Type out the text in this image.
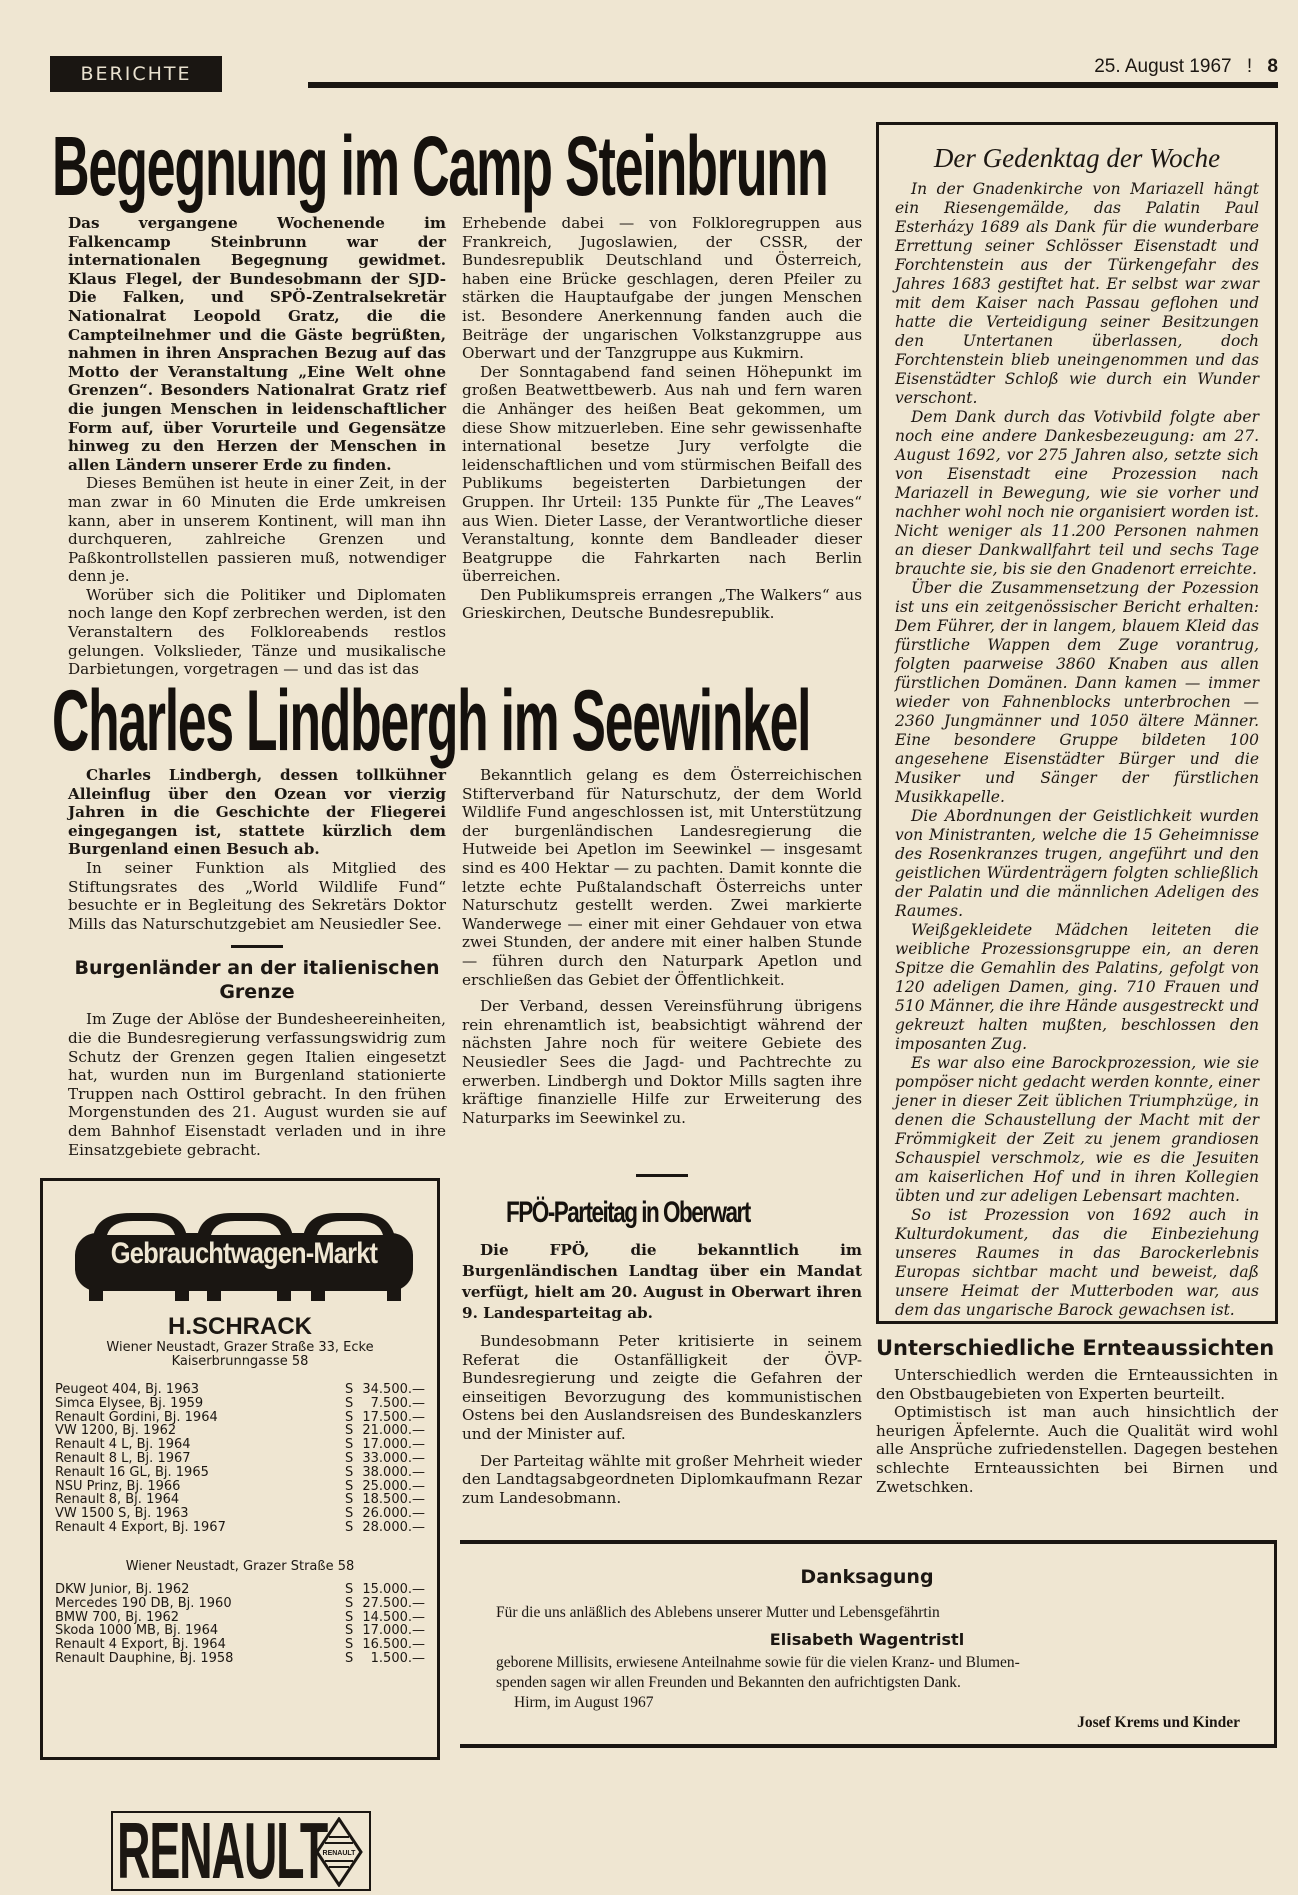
BERICHTE	25. August 1967 ! 8
Begegnung im Camp Steinbrunn

Das vergangene Wochenende im Falkencamp Steinbrunn war der internationalen Begegnung gewidmet. Klaus Flegel, der Bundesobmann der SJD-Die Falken, und SPÖ-Zentralsekretär Nationalrat Leopold Gratz, die die Campteilnehmer und die Gäste begrüßten, nahmen in ihren Ansprachen Bezug auf das Motto der Veranstaltung „Eine Welt ohne Grenzen“. Besonders Nationalrat Gratz rief die jungen Menschen in leidenschaftlicher Form auf, über Vorurteile und Gegensätze hinweg zu den Herzen der Menschen in allen Ländern unserer Erde zu finden.

Dieses Bemühen ist heute in einer Zeit, in der man zwar in 60 Minuten die Erde umkreisen kann, aber in unserem Kontinent, will man ihn durchqueren, zahlreiche Grenzen und Paßkontrollstellen passieren muß, notwendiger denn je.

Worüber sich die Politiker und Diplomaten noch lange den Kopf zerbrechen werden, ist den Veranstaltern des Folkloreabends restlos gelungen. Volkslieder, Tänze und musikalische Darbietungen, vorgetragen — und das ist das

Erhebende dabei — von Folkloregruppen aus Frankreich, Jugoslawien, der CSSR, der Bundesrepublik Deutschland und Österreich, haben eine Brücke geschlagen, deren Pfeiler zu stärken die Hauptaufgabe der jungen Menschen ist. Besondere Anerkennung fanden auch die Beiträge der ungarischen Volkstanzgruppe aus Oberwart und der Tanzgruppe aus Kukmirn.

Der Sonntagabend fand seinen Höhepunkt im großen Beatwettbewerb. Aus nah und fern waren die Anhänger des heißen Beat gekommen, um diese Show mitzuerleben. Eine sehr gewissenhafte international besetze Jury verfolgte die leidenschaftlichen und vom stürmischen Beifall des Publikums begeisterten Darbietungen der Gruppen. Ihr Urteil: 135 Punkte für „The Leaves“ aus Wien. Dieter Lasse, der Verantwortliche dieser Veranstaltung, konnte dem Bandleader dieser Beatgruppe die Fahrkarten nach Berlin überreichen.

Den Publikumspreis errangen „The Walkers“ aus Grieskirchen, Deutsche Bundesrepublik.

Charles Lindbergh im Seewinkel

Charles Lindbergh, dessen tollkühner Alleinflug über den Ozean vor vierzig Jahren in die Geschichte der Fliegerei eingegangen ist, stattete kürzlich dem Burgenland einen Besuch ab.

In seiner Funktion als Mitglied des Stiftungsrates des „World Wildlife Fund“ besuchte er in Begleitung des Sekretärs Doktor Mills das Naturschutzgebiet am Neusiedler See.

Burgenländer an der italienischen Grenze

Im Zuge der Ablöse der Bundesheereinheiten, die die Bundesregierung verfassungswidrig zum Schutz der Grenzen gegen Italien eingesetzt hat, wurden nun im Burgenland stationierte Truppen nach Osttirol gebracht. In den frühen Morgenstunden des 21. August wurden sie auf dem Bahnhof Eisenstadt verladen und in ihre Einsatzgebiete gebracht.

Bekanntlich gelang es dem Österreichischen Stifterverband für Naturschutz, der dem World Wildlife Fund angeschlossen ist, mit Unterstützung der burgenländischen Landesregierung die Hutweide bei Apetlon im Seewinkel — insgesamt sind es 400 Hektar — zu pachten. Damit konnte die letzte echte Pußtalandschaft Österreichs unter Naturschutz gestellt werden. Zwei markierte Wanderwege — einer mit einer Gehdauer von etwa zwei Stunden, der andere mit einer halben Stunde — führen durch den Naturpark Apetlon und erschließen das Gebiet der Öffentlichkeit.

Der Verband, dessen Vereinsführung übrigens rein ehrenamtlich ist, beabsichtigt während der nächsten Jahre noch für weitere Gebiete des Neusiedler Sees die Jagd- und Pachtrechte zu erwerben. Lindbergh und Doktor Mills sagten ihre kräftige finanzielle Hilfe zur Erweiterung des Naturparks im Seewinkel zu.

FPÖ-Parteitag in Oberwart

Die FPÖ, die bekanntlich im Burgenländischen Landtag über ein Mandat verfügt, hielt am 20. August in Oberwart ihren 9. Landesparteitag ab.

Bundesobmann Peter kritisierte in seinem Referat die Ostanfälligkeit der ÖVP-Bundesregierung und zeigte die Gefahren der einseitigen Bevorzugung des kommunistischen Ostens bei den Auslandsreisen des Bundeskanzlers und der Minister auf.

Der Parteitag wählte mit großer Mehrheit wieder den Landtagsabgeordneten Diplomkaufmann Rezar zum Landesobmann.

Der Gedenktag der Woche

In der Gnadenkirche von Mariazell hängt ein Riesengemälde, das Palatin Paul Esterházy 1689 als Dank für die wunderbare Errettung seiner Schlösser Eisenstadt und Forchtenstein aus der Türkengefahr des Jahres 1683 gestiftet hat. Er selbst war zwar mit dem Kaiser nach Passau geflohen und hatte die Verteidigung seiner Besitzungen den Untertanen überlassen, doch Forchtenstein blieb uneingenommen und das Eisenstädter Schloß wie durch ein Wunder verschont.

Dem Dank durch das Votivbild folgte aber noch eine andere Dankesbezeugung: am 27. August 1692, vor 275 Jahren also, setzte sich von Eisenstadt eine Prozession nach Mariazell in Bewegung, wie sie vorher und nachher wohl noch nie organisiert worden ist. Nicht weniger als 11.200 Personen nahmen an dieser Dankwallfahrt teil und sechs Tage brauchte sie, bis sie den Gnadenort erreichte.

Über die Zusammensetzung der Pozession ist uns ein zeitgenössischer Bericht erhalten: Dem Führer, der in langem, blauem Kleid das fürstliche Wappen dem Zuge vorantrug, folgten paarweise 3860 Knaben aus allen fürstlichen Domänen. Dann kamen — immer wieder von Fahnenblocks unterbrochen — 2360 Jungmänner und 1050 ältere Männer. Eine besondere Gruppe bildeten 100 angesehene Eisenstädter Bürger und die Musiker und Sänger der fürstlichen Musikkapelle.

Die Abordnungen der Geistlichkeit wurden von Ministranten, welche die 15 Geheimnisse des Rosenkranzes trugen, angeführt und den geistlichen Würdenträgern folgten schließlich der Palatin und die männlichen Adeligen des Raumes.

Weißgekleidete Mädchen leiteten die weibliche Prozessionsgruppe ein, an deren Spitze die Gemahlin des Palatins, gefolgt von 120 adeligen Damen, ging. 710 Frauen und 510 Männer, die ihre Hände ausgestreckt und gekreuzt halten mußten, beschlossen den imposanten Zug.

Es war also eine Barockprozession, wie sie pompöser nicht gedacht werden konnte, einer jener in dieser Zeit üblichen Triumphzüge, in denen die Schaustellung der Macht mit der Frömmigkeit der Zeit zu jenem grandiosen Schauspiel verschmolz, wie es die Jesuiten am kaiserlichen Hof und in ihren Kollegien übten und zur adeligen Lebensart machten.

So ist Prozession von 1692 auch in Kulturdokument, das die Einbeziehung unseres Raumes in das Barockerlebnis Europas sichtbar macht und beweist, daß unsere Heimat der Mutterboden war, aus dem das ungarische Barock gewachsen ist.

Unterschiedliche Ernteaussichten

Unterschiedlich werden die Ernteaussichten in den Obstbaugebieten von Experten beurteilt.

Optimistisch ist man auch hinsichtlich der heurigen Äpfelernte. Auch die Qualität wird wohl alle Ansprüche zufriedenstellen. Dagegen bestehen schlechte Ernteaussichten bei Birnen und Zwetschken.

Gebrauchtwagen-Markt
H.SCHRACK
Wiener Neustadt, Grazer Straße 33, Ecke Kaiserbrunngasse 58
Peugeot 404, Bj. 1963	S 34.500.—
Simca Elysee, Bj. 1959	S 7.500.—
Renault Gordini, Bj. 1964	S 17.500.—
VW 1200, Bj. 1962	S 21.000.—
Renault 4 L, Bj. 1964	S 17.000.—
Renault 8 L, Bj. 1967	S 33.000.—
Renault 16 GL, Bj. 1965	S 38.000.—
NSU Prinz, Bj. 1966	S 25.000.—
Renault 8, Bj. 1964	S 18.500.—
VW 1500 S, Bj. 1963	S 26.000.—
Renault 4 Export, Bj. 1967	S 28.000.—
Wiener Neustadt, Grazer Straße 58
DKW Junior, Bj. 1962	S 15.000.—
Mercedes 190 DB, Bj. 1960	S 27.500.—
BMW 700, Bj. 1962	S 14.500.—
Skoda 1000 MB, Bj. 1964	S 17.000.—
Renault 4 Export, Bj. 1964	S 16.500.—
Renault Dauphine, Bj. 1958	S 1.500.—
RENAULT
RENAULT
Danksagung
Für die uns anläßlich des Ablebens unserer Mutter und Lebensgefährtin
Elisabeth Wagentristl
geborene Millisits, erwiesene Anteilnahme sowie für die vielen Kranz- und Blumen-
spenden sagen wir allen Freunden und Bekannten den aufrichtigsten Dank.
Hirm, im August 1967
Josef Krems und Kinder
